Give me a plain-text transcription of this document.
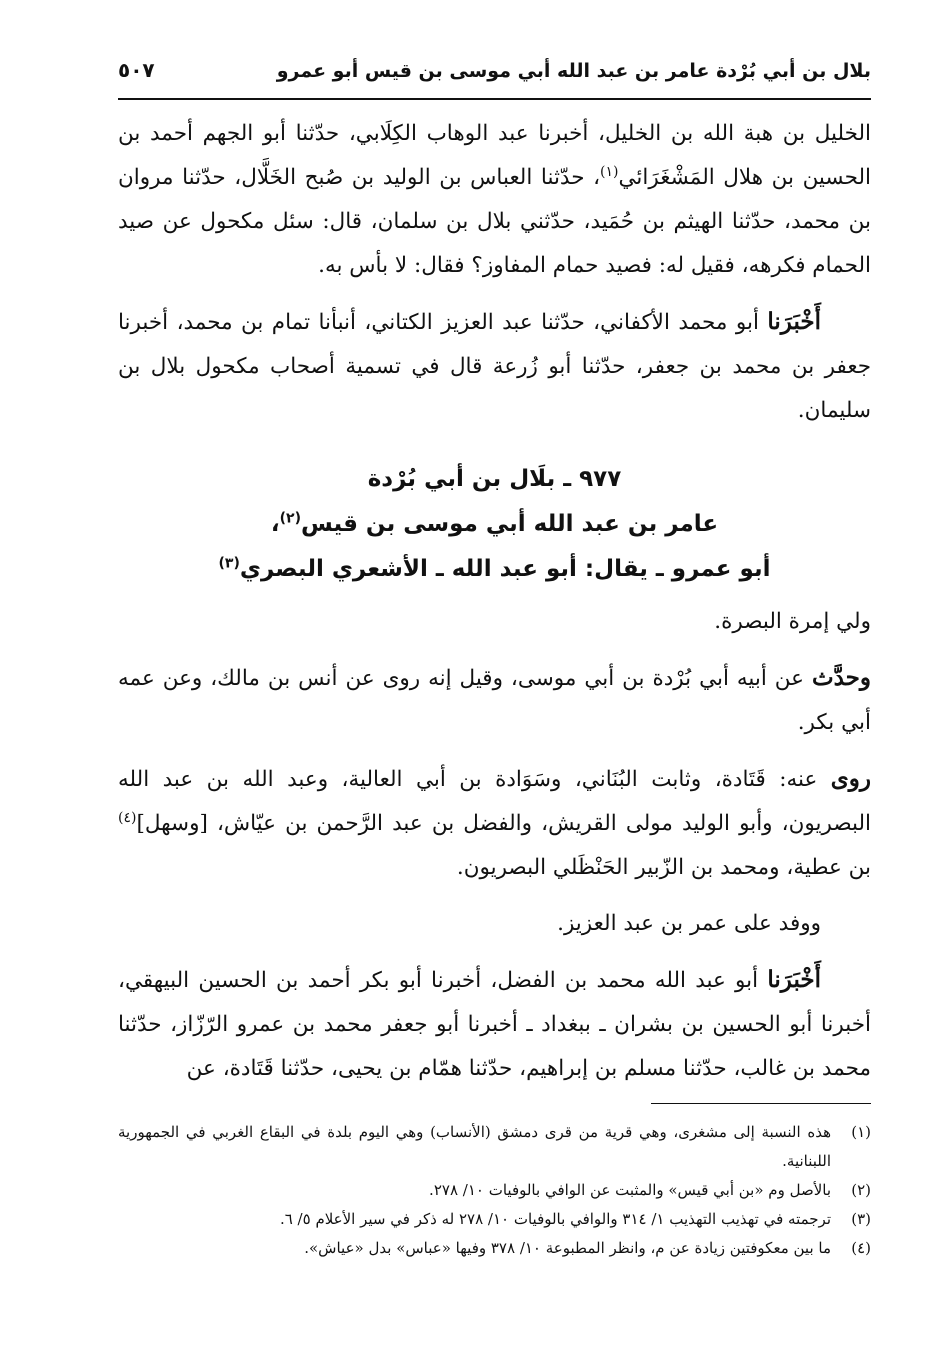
بلال بن أبي بُرْدة عامر بن عبد الله أبي موسى بن قيس أبو عمرو
٥٠٧

الخليل بن هبة الله بن الخليل، أخبرنا عبد الوهاب الكِلَابي، حدّثنا أبو الجهم أحمد بن الحسين بن هلال المَشْغَرَائي$^{(١)}$، حدّثنا العباس بن الوليد بن صُبح الخَلَّال، حدّثنا مروان بن محمد، حدّثنا الهيثم بن حُمَيد، حدّثني بلال بن سلمان، قال: سئل مكحول عن صيد الحمام فكرهه، فقيل له: فصيد حمام المفاوز؟ فقال: لا بأس به.

أَخْبَرَنا أبو محمد الأكفاني، حدّثنا عبد العزيز الكتاني، أنبأنا تمام بن محمد، أخبرنا جعفر بن محمد بن جعفر، حدّثنا أبو زُرعة قال في تسمية أصحاب مكحول بلال بن سليمان.

٩٧٧ ـ بلَال بن أبي بُرْدة
عامر بن عبد الله أبي موسى بن قيس$^{(٢)}$،
أبو عمرو ـ يقال: أبو عبد الله ـ الأشعري البصري$^{(٣)}$

ولي إمرة البصرة.

وحدَّث عن أبيه أبي بُرْدة بن أبي موسى، وقيل إنه روى عن أنس بن مالك، وعن عمه أبي بكر.

روى عنه: قَتَادة، وثابت البُنَاني، وسَوَادة بن أبي العالية، وعبد الله بن عبد الله البصريون، وأبو الوليد مولى القريش، والفضل بن عبد الرَّحمن بن عيّاش، [وسهل]$^{(٤)}$ بن عطية، ومحمد بن الزّبير الحَنْظَلي البصريون.

ووفد على عمر بن عبد العزيز.

أَخْبَرَنا أبو عبد الله محمد بن الفضل، أخبرنا أبو بكر أحمد بن الحسين البيهقي، أخبرنا أبو الحسين بن بشران ـ ببغداد ـ أخبرنا أبو جعفر محمد بن عمرو الرّزّاز، حدّثنا محمد بن غالب، حدّثنا مسلم بن إبراهيم، حدّثنا همّام بن يحيى، حدّثنا قَتَادة، عن

(١)
هذه النسبة إلى مشغرى، وهي قرية من قرى دمشق (الأنساب) وهي اليوم بلدة في البقاع الغربي في الجمهورية اللبنانية.
(٢)
بالأصل وم «بن أبي قيس» والمثبت عن الوافي بالوفيات ١٠/ ٢٧٨.
(٣)
ترجمته في تهذيب التهذيب ١/ ٣١٤ والوافي بالوفيات ١٠/ ٢٧٨ له ذكر في سير الأعلام ٥/ ٦.
(٤)
ما بين معكوفتين زيادة عن م، وانظر المطبوعة ١٠/ ٣٧٨ وفيها «عباس» بدل «عياش».
